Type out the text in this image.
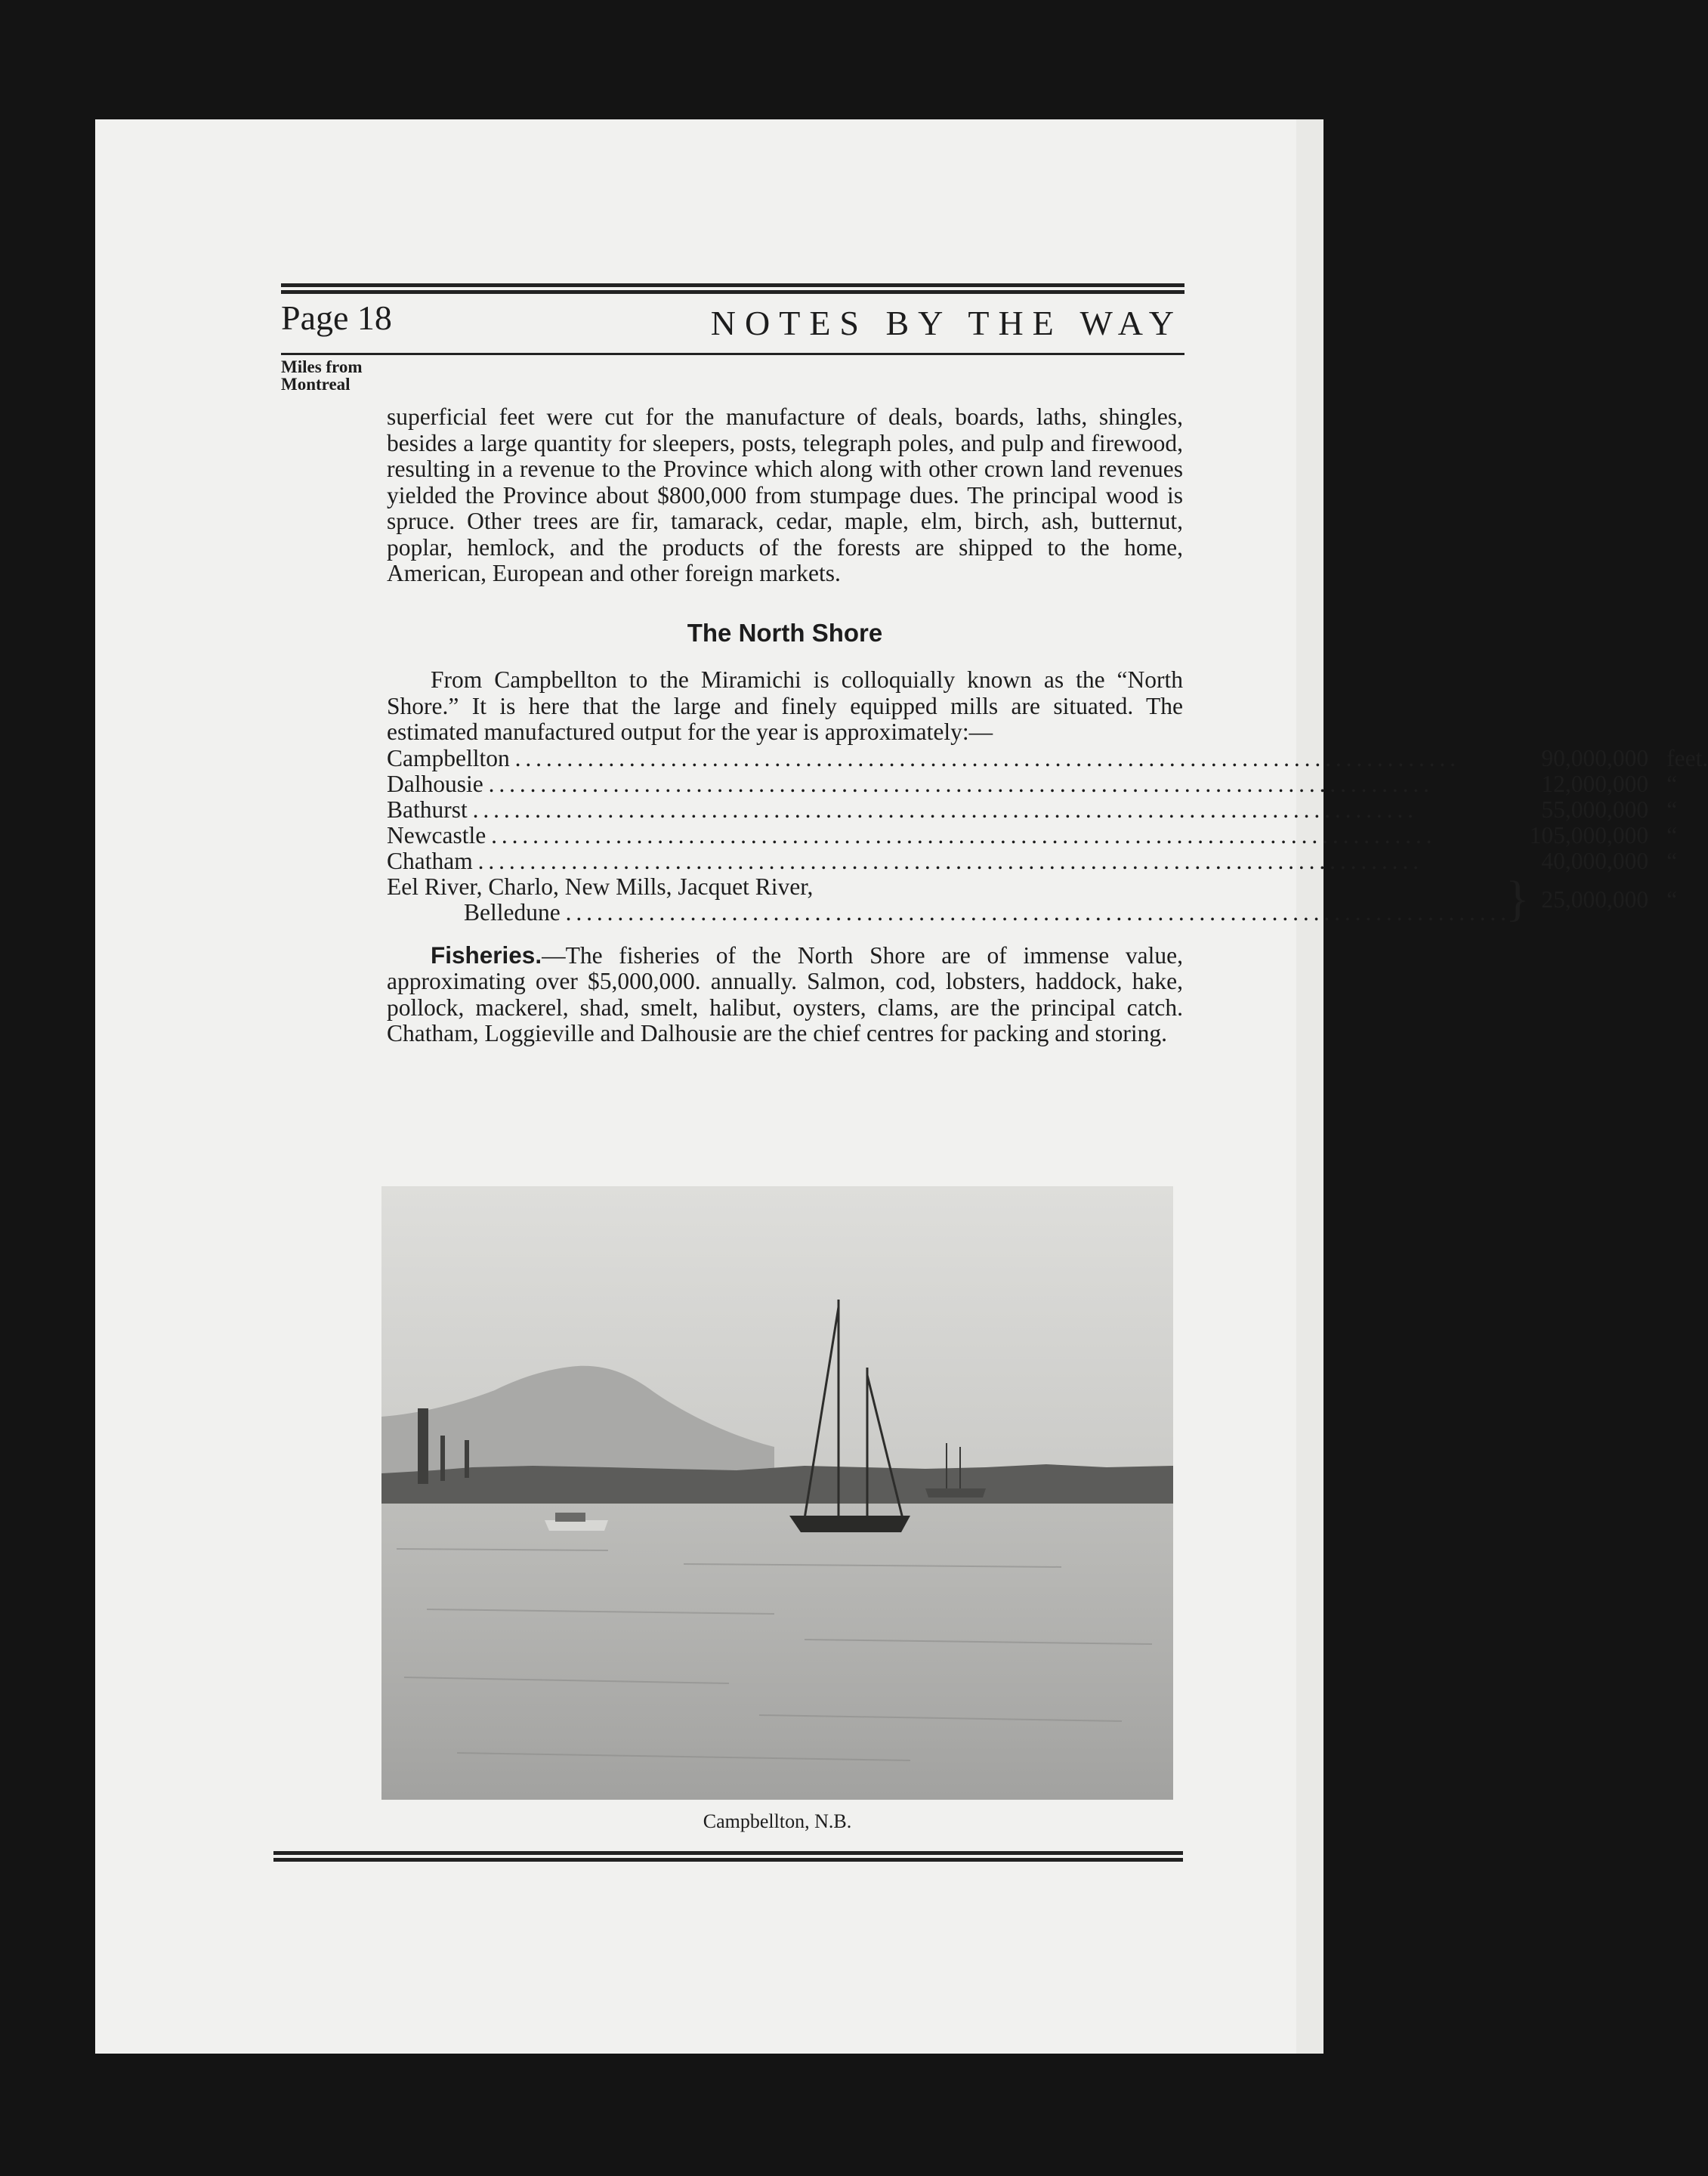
Page 18	NOTES BY THE WAY
Miles from
Montreal

superficial feet were cut for the manufacture of deals, boards, laths, shingles, besides a large quantity for sleepers, posts, telegraph poles, and pulp and firewood, resulting in a revenue to the Province which along with other crown land revenues yielded the Province about $800,000 from stumpage dues. The principal wood is spruce. Other trees are fir, tamarack, cedar, maple, elm, birch, ash, butternut, poplar, hemlock, and the products of the forests are shipped to the home, American, European and other foreign markets.

The North Shore

From Campbellton to the Miramichi is colloquially known as the “North Shore.” It is here that the large and finely equipped mills are situated. The estimated manufactured output for the year is approximately:—

Campbellton . . .		90,000,000	feet.
Dalhousie . . .		12,000,000	“
Bathurst . . .		55,000,000	“
Newcastle . . .		105,000,000	“
Chatham . . .		40,000,000	“

Eel River, Charlo, New Mills, Jacquet River,
Belledune . . .	}	25,000,000	“

Fisheries.—The fisheries of the North Shore are of immense value, approximating over $5,000,000. annually. Salmon, cod, lobsters, haddock, hake, pollock, mackerel, shad, smelt, halibut, oysters, clams, are the principal catch. Chatham, Loggieville and Dalhousie are the chief centres for packing and storing.

Campbellton, N.B.
